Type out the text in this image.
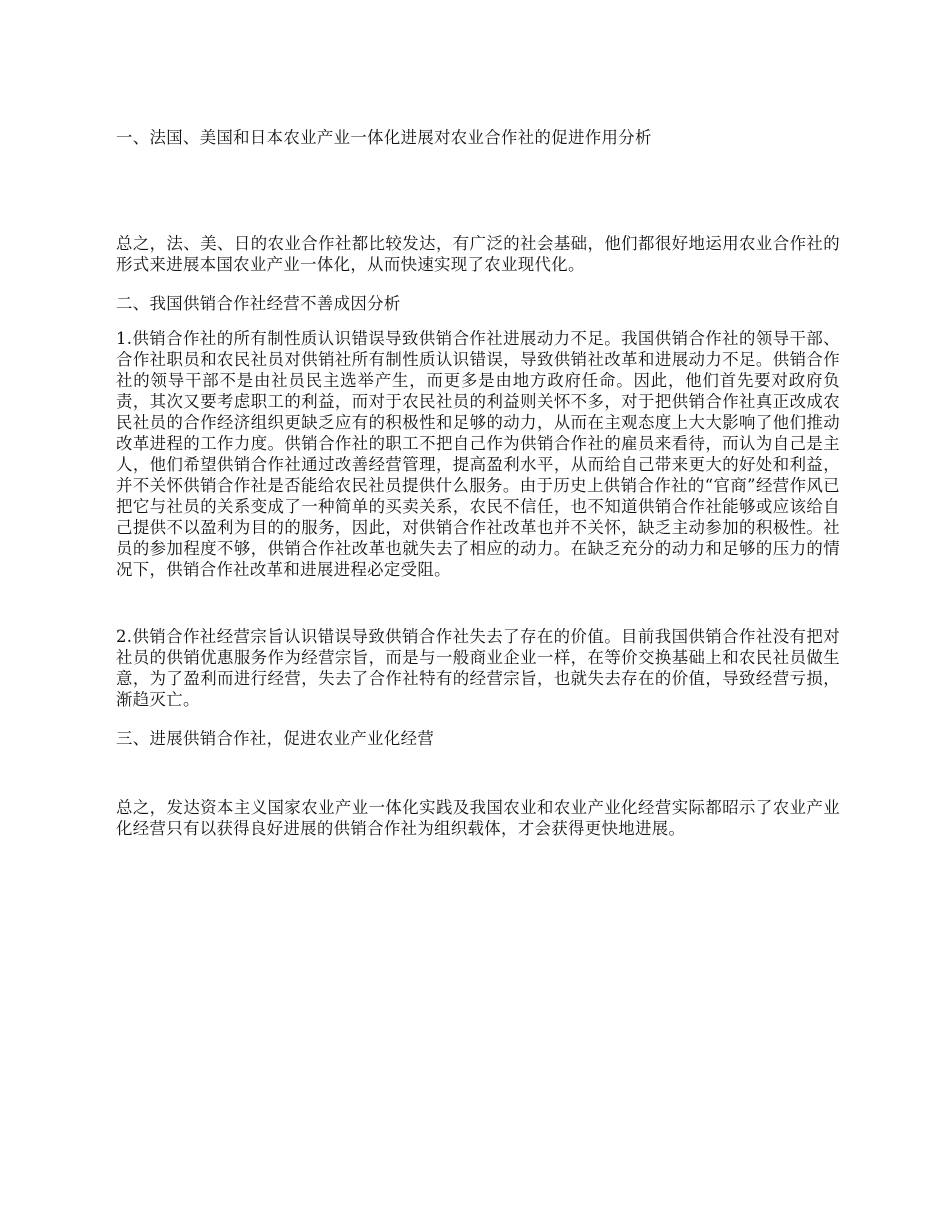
一、法国、美国和日本农业产业一体化进展对农业合作社的促进作用分析

总之，法、美、日的农业合作社都比较发达，有广泛的社会基础，他们都很好地运用农业合作社的形式来进展本国农业产业一体化，从而快速实现了农业现代化。

二、我国供销合作社经营不善成因分析

1.供销合作社的所有制性质认识错误导致供销合作社进展动力不足。我国供销合作社的领导干部、合作社职员和农民社员对供销社所有制性质认识错误，导致供销社改革和进展动力不足。供销合作社的领导干部不是由社员民主选举产生，而更多是由地方政府任命。因此，他们首先要对政府负责，其次又要考虑职工的利益，而对于农民社员的利益则关怀不多，对于把供销合作社真正改成农民社员的合作经济组织更缺乏应有的积极性和足够的动力，从而在主观态度上大大影响了他们推动改革进程的工作力度。供销合作社的职工不把自己作为供销合作社的雇员来看待，而认为自己是主人，他们希望供销合作社通过改善经营管理，提高盈利水平，从而给自己带来更大的好处和利益，并不关怀供销合作社是否能给农民社员提供什么服务。由于历史上供销合作社的“官商”经营作风已把它与社员的关系变成了一种简单的买卖关系，农民不信任，也不知道供销合作社能够或应该给自己提供不以盈利为目的的服务，因此，对供销合作社改革也并不关怀，缺乏主动参加的积极性。社员的参加程度不够，供销合作社改革也就失去了相应的动力。在缺乏充分的动力和足够的压力的情况下，供销合作社改革和进展进程必定受阻。

2.供销合作社经营宗旨认识错误导致供销合作社失去了存在的价值。目前我国供销合作社没有把对社员的供销优惠服务作为经营宗旨，而是与一般商业企业一样，在等价交换基础上和农民社员做生意，为了盈利而进行经营，失去了合作社特有的经营宗旨，也就失去存在的价值，导致经营亏损，渐趋灭亡。

三、进展供销合作社，促进农业产业化经营

总之，发达资本主义国家农业产业一体化实践及我国农业和农业产业化经营实际都昭示了农业产业化经营只有以获得良好进展的供销合作社为组织载体，才会获得更快地进展。
